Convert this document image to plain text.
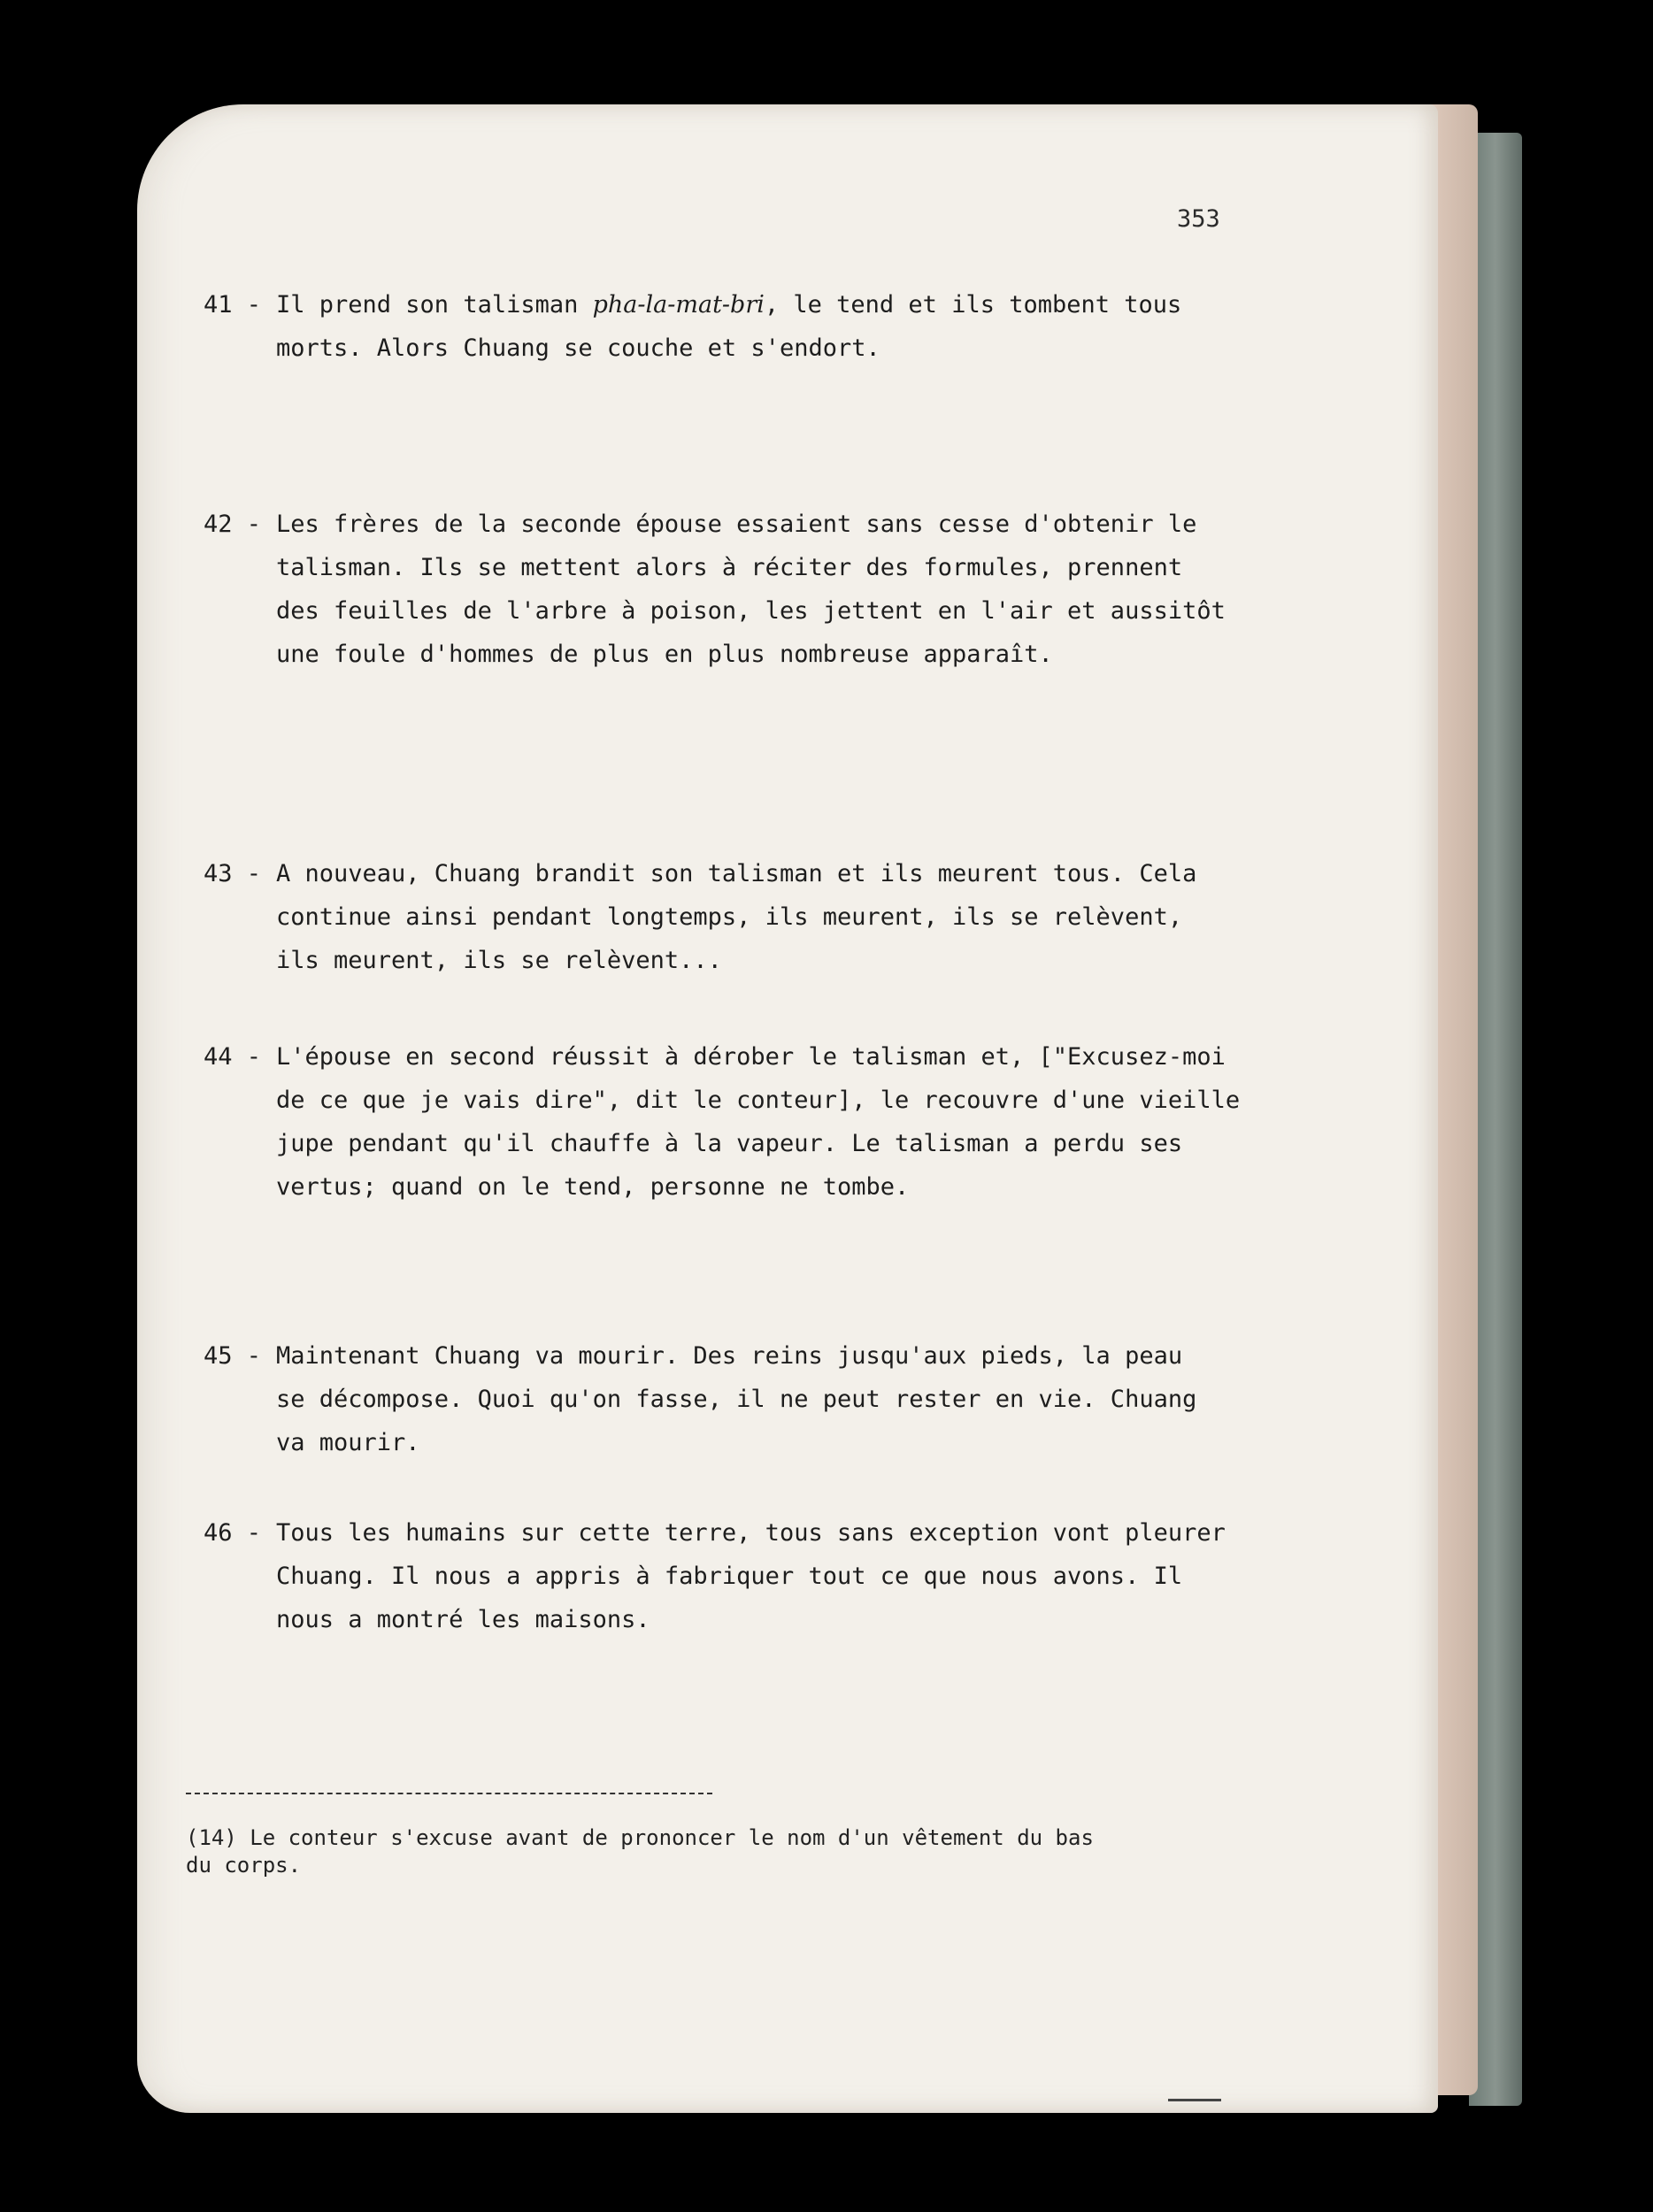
353
41 - Il prend son talisman pha-la-mat-bri, le tend et ils tombent tous
morts. Alors Chuang se couche et s'endort.
42 - Les frères de la seconde épouse essaient sans cesse d'obtenir le
talisman. Ils se mettent alors à réciter des formules, prennent
des feuilles de l'arbre à poison, les jettent en l'air et aussitôt
une foule d'hommes de plus en plus nombreuse apparaît.
43 - A nouveau, Chuang brandit son talisman et ils meurent tous. Cela
continue ainsi pendant longtemps, ils meurent, ils se relèvent,
ils meurent, ils se relèvent...
44 - L'épouse en second réussit à dérober le talisman et, ["Excusez-moi
de ce que je vais dire", dit le conteur], le recouvre d'une vieille
jupe pendant qu'il chauffe à la vapeur. Le talisman a perdu ses
vertus; quand on le tend, personne ne tombe.
45 - Maintenant Chuang va mourir. Des reins jusqu'aux pieds, la peau
se décompose. Quoi qu'on fasse, il ne peut rester en vie. Chuang
va mourir.
46 - Tous les humains sur cette terre, tous sans exception vont pleurer
Chuang. Il nous a appris à fabriquer tout ce que nous avons. Il
nous a montré les maisons.
(14) Le conteur s'excuse avant de prononcer le nom d'un vêtement du bas
du corps.
